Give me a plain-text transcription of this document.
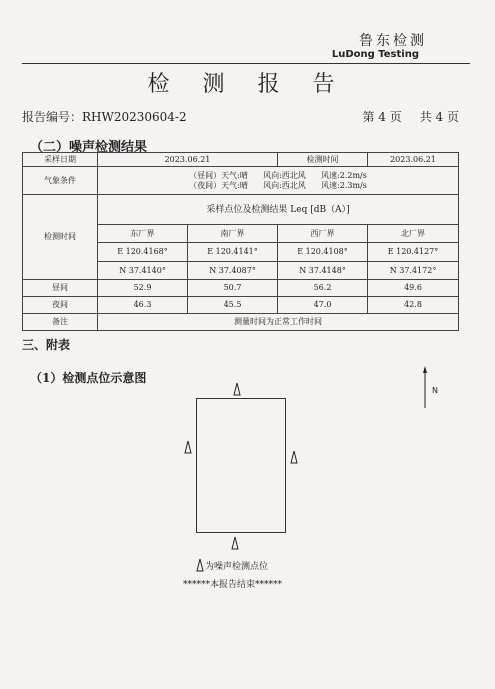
鲁东检测
LuDong Testing
检 测 报 告
报告编号：RHW20230604-2	第 4 页 共 4 页
（二）噪声检测结果
采样日期	2023.06.21		检测时间	2023.06.21
气象条件	（昼间）天气:晴      风向:西北风      风速:2.2m/s
（夜间）天气:晴      风向:西北风      风速:2.3m/s			

检测时间	采样点位及检测结果 Leq [dB（A）]			
	东厂界	南厂界	西厂界	北厂界
	E 120.4168°	E 120.4141°	E 120.4108°	E 120.4127°
	N 37.4140°	N 37.4087°	N 37.4148°	N 37.4172°
昼间	52.9	50.7	56.2	49.6
夜间	46.3	45.5	47.0	42.8
备注	测量时间为正常工作时间			
三、附表
（1）检测点位示意图
N
为噪声检测点位
******本报告结束******
